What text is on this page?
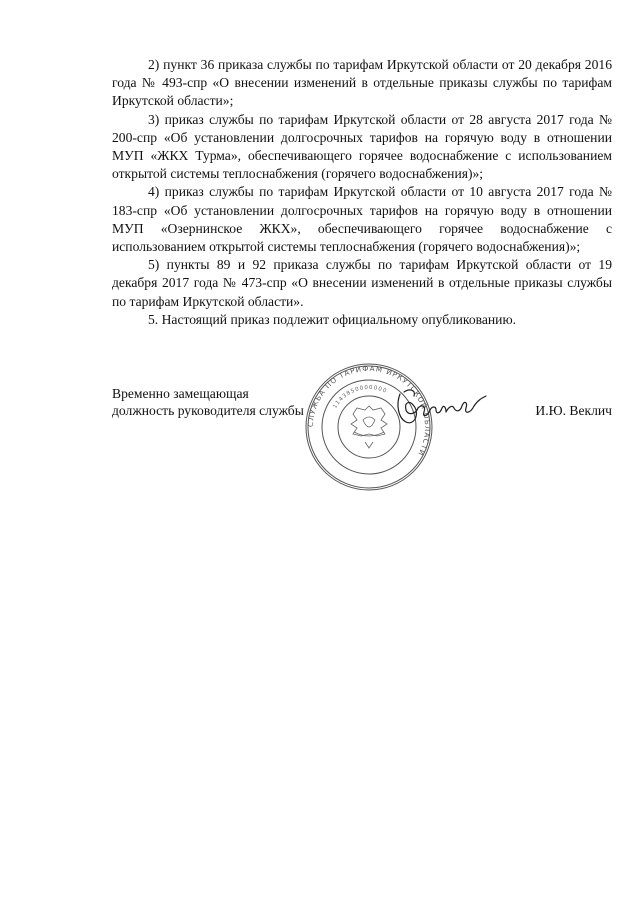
2) пункт 36 приказа службы по тарифам Иркутской области от 20 декабря 2016 года № 493-спр «О внесении изменений в отдельные приказы службы по тарифам Иркутской области»;

3) приказ службы по тарифам Иркутской области от 28 августа 2017 года № 200-спр «Об установлении долгосрочных тарифов на горячую воду в отношении МУП «ЖКХ Турма», обеспечивающего горячее водоснабжение с использованием открытой системы теплоснабжения (горячего водоснабжения)»;

4) приказ службы по тарифам Иркутской области от 10 августа 2017 года № 183-спр «Об установлении долгосрочных тарифов на горячую воду в отношении МУП «Озернинское ЖКХ», обеспечивающего горячее водоснабжение с использованием открытой системы теплоснабжения (горячего водоснабжения)»;

5) пункты 89 и 92 приказа службы по тарифам Иркутской области от 19 декабря 2017 года № 473-спр «О внесении изменений в отдельные приказы службы по тарифам Иркутской области».

5. Настоящий приказ подлежит официальному опубликованию.

Временно замещающая
должность руководителя службы
СЛУЖБА ПО ТАРИФАМ ИРКУТСКОЙ ОБЛАСТИ
1143850000000
И.Ю. Веклич
